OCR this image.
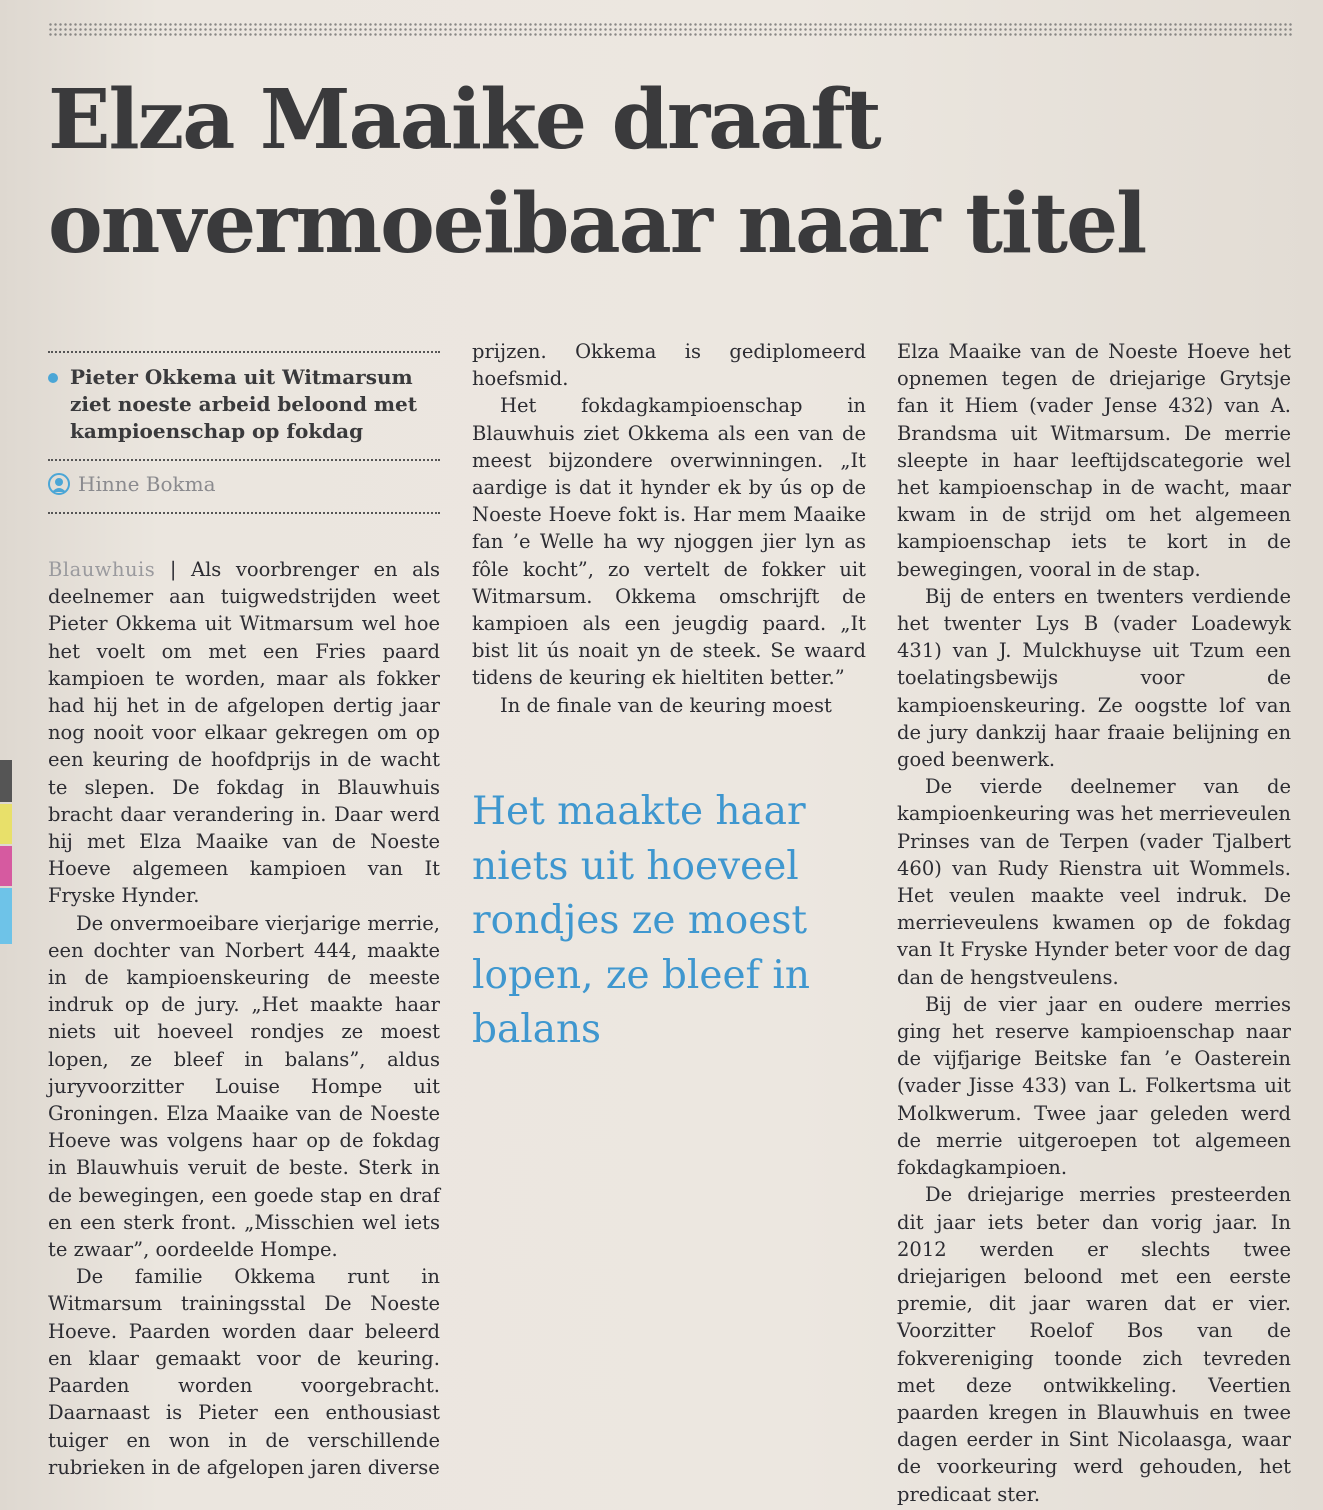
Elza Maaike draaft
onvermoeibaar naar titel
Pieter Okkema uit Witmarsum ziet noeste arbeid beloond met kampioenschap op fokdag
Hinne Bokma

Blauwhuis | Als voorbrenger en als deelnemer aan tuigwedstrijden weet Pieter Okkema uit Witmarsum wel hoe het voelt om met een Fries paard kampioen te worden, maar als fokker had hij het in de afgelopen dertig jaar nog nooit voor elkaar gekregen om op een keuring de hoofdprijs in de wacht te slepen. De fokdag in Blauwhuis bracht daar verandering in. Daar werd hij met Elza Maaike van de Noeste Hoeve algemeen kampioen van It Fryske Hynder.

De onvermoeibare vierjarige merrie, een dochter van Norbert 444, maakte in de kampioenskeuring de meeste indruk op de jury. „Het maakte haar niets uit hoeveel rondjes ze moest lopen, ze bleef in balans”, aldus juryvoorzitter Louise Hompe uit Groningen. Elza Maaike van de Noeste Hoeve was volgens haar op de fokdag in Blauwhuis veruit de beste. Sterk in de bewegingen, een goede stap en draf en een sterk front. „Misschien wel iets te zwaar”, oordeelde Hompe.

De familie Okkema runt in Witmarsum trainingsstal De Noeste Hoeve. Paarden worden daar beleerd en klaar gemaakt voor de keuring. Paarden worden voorgebracht. Daarnaast is Pieter een enthousiast tuiger en won in de verschillende rubrieken in de afgelopen jaren diverse

prijzen. Okkema is gediplomeerd hoefsmid.

Het fokdagkampioenschap in Blauwhuis ziet Okkema als een van de meest bijzondere overwinningen. „It aardige is dat it hynder ek by ús op de Noeste Hoeve fokt is. Har mem Maaike fan ’e Welle ha wy njoggen jier lyn as fôle kocht”, zo vertelt de fokker uit Witmarsum. Okkema omschrijft de kampioen als een jeugdig paard. „It bist lit ús noait yn de steek. Se waard tidens de keuring ek hieltiten better.”

In de finale van de keuring moest

Het maakte haar niets uit hoeveel rondjes ze moest lopen, ze bleef in balans

Elza Maaike van de Noeste Hoeve het opnemen tegen de driejarige Grytsje fan it Hiem (vader Jense 432) van A. Brandsma uit Witmarsum. De merrie sleepte in haar leeftijdscategorie wel het kampioenschap in de wacht, maar kwam in de strijd om het algemeen kampioenschap iets te kort in de bewegingen, vooral in de stap.

Bij de enters en twenters verdiende het twenter Lys B (vader Loadewyk 431) van J. Mulckhuyse uit Tzum een toelatingsbewijs voor de kampioenskeuring. Ze oogstte lof van de jury dankzij haar fraaie belijning en goed beenwerk.

De vierde deelnemer van de kampioenkeuring was het merrieveulen Prinses van de Terpen (vader Tjalbert 460) van Rudy Rienstra uit Wommels. Het veulen maakte veel indruk. De merrieveulens kwamen op de fokdag van It Fryske Hynder beter voor de dag dan de hengstveulens.

Bij de vier jaar en oudere merries ging het reserve kampioenschap naar de vijfjarige Beitske fan ’e Oasterein (vader Jisse 433) van L. Folkertsma uit Molkwerum. Twee jaar geleden werd de merrie uitgeroepen tot algemeen fokdagkampioen.

De driejarige merries presteerden dit jaar iets beter dan vorig jaar. In 2012 werden er slechts twee driejarigen beloond met een eerste premie, dit jaar waren dat er vier. Voorzitter Roelof Bos van de fokvereniging toonde zich tevreden met deze ontwikkeling. Veertien paarden kregen in Blauwhuis en twee dagen eerder in Sint Nicolaasga, waar de voorkeuring werd gehouden, het predicaat ster.
